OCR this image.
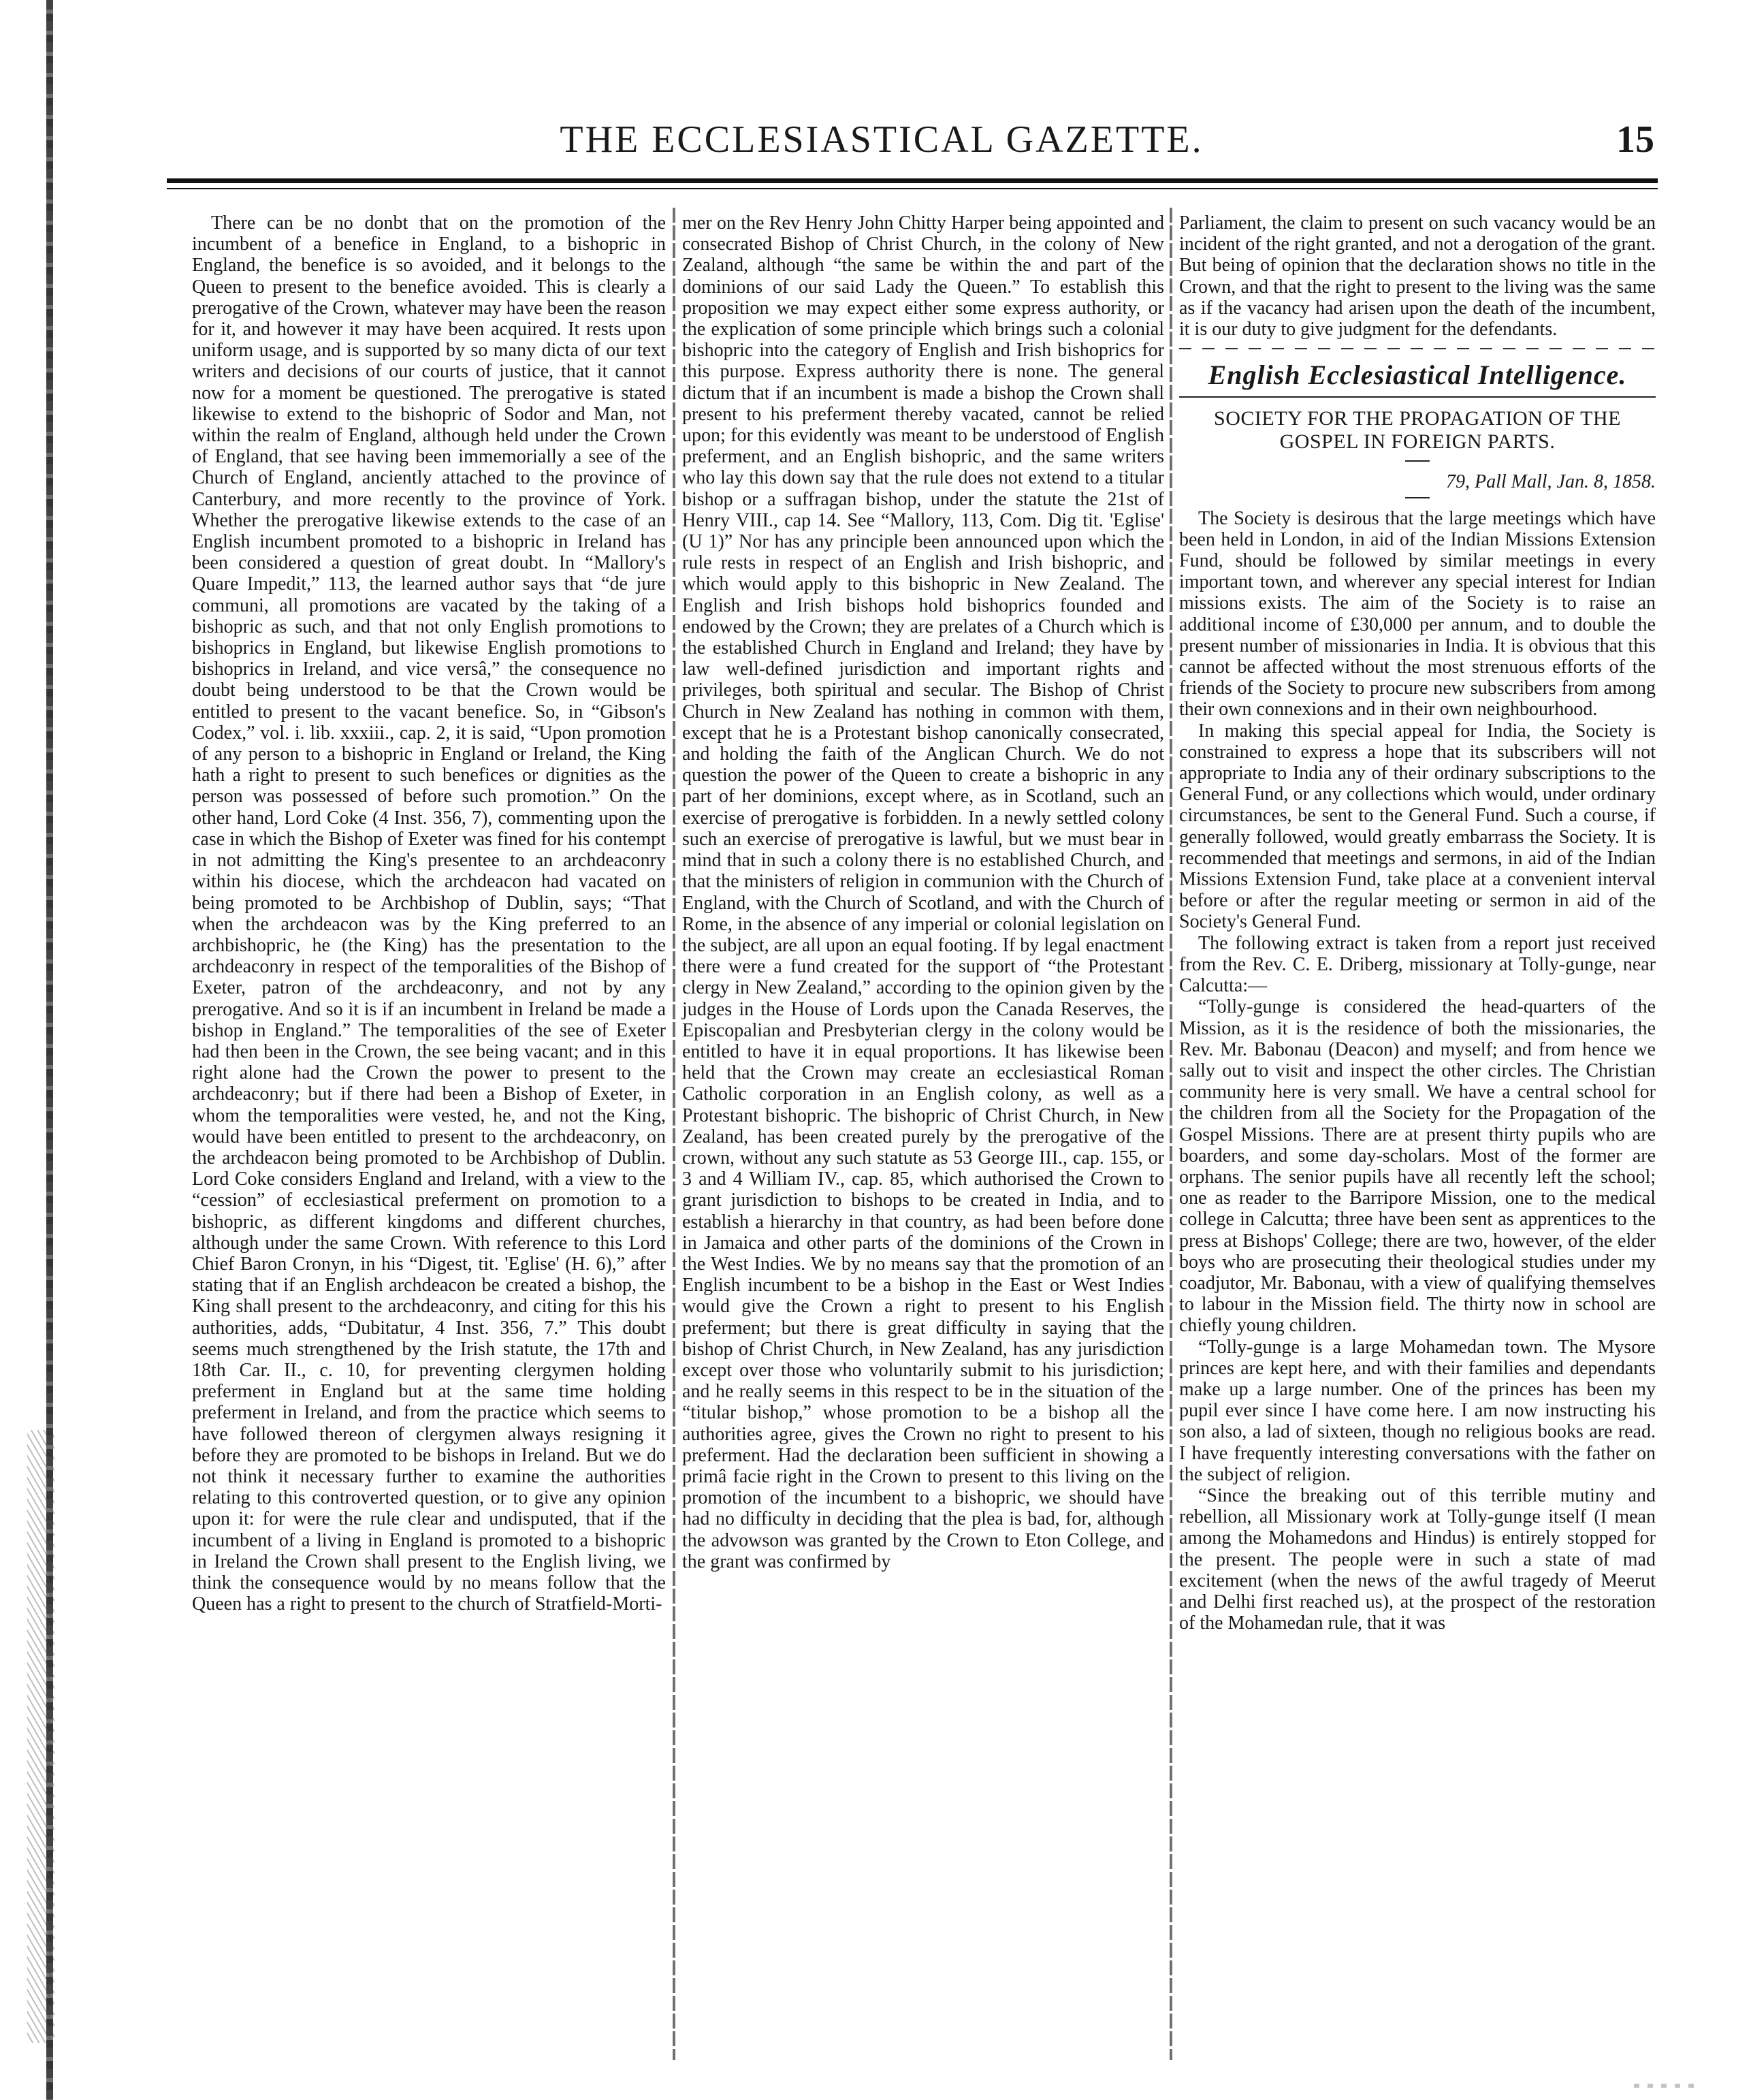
THE ECCLESIASTICAL GAZETTE.	15

There can be no donbt that on the promotion of the incumbent of a benefice in England, to a bishopric in England, the benefice is so avoided, and it belongs to the Queen to present to the benefice avoided. This is clearly a prerogative of the Crown, whatever may have been the reason for it, and however it may have been acquired. It rests upon uniform usage, and is supported by so many dicta of our text writers and decisions of our courts of justice, that it cannot now for a moment be questioned. The prerogative is stated likewise to extend to the bishopric of Sodor and Man, not within the realm of England, although held under the Crown of England, that see having been immemorially a see of the Church of England, anciently attached to the province of Canterbury, and more recently to the province of York. Whether the prerogative likewise extends to the case of an English incumbent promoted to a bishopric in Ireland has been considered a question of great doubt. In “Mallory's Quare Impedit,” 113, the learned author says that “de jure communi, all promotions are vacated by the taking of a bishopric as such, and that not only English promotions to bishoprics in England, but likewise English promotions to bishoprics in Ireland, and vice versâ,” the consequence no doubt being understood to be that the Crown would be entitled to present to the vacant benefice. So, in “Gibson's Codex,” vol. i. lib. xxxiii., cap. 2, it is said, “Upon promotion of any person to a bishopric in England or Ireland, the King hath a right to present to such benefices or dignities as the person was possessed of before such promotion.” On the other hand, Lord Coke (4 Inst. 356, 7), commenting upon the case in which the Bishop of Exeter was fined for his contempt in not admitting the King's presentee to an archdeaconry within his diocese, which the archdeacon had vacated on being promoted to be Archbishop of Dublin, says; “That when the archdeacon was by the King preferred to an archbishopric, he (the King) has the presentation to the archdeaconry in respect of the temporalities of the Bishop of Exeter, patron of the archdeaconry, and not by any prerogative. And so it is if an incumbent in Ireland be made a bishop in England.” The temporalities of the see of Exeter had then been in the Crown, the see being vacant; and in this right alone had the Crown the power to present to the archdeaconry; but if there had been a Bishop of Exeter, in whom the temporalities were vested, he, and not the King, would have been entitled to present to the archdeaconry, on the archdeacon being promoted to be Archbishop of Dublin. Lord Coke considers England and Ireland, with a view to the “cession” of ecclesiastical preferment on promotion to a bishopric, as different kingdoms and different churches, although under the same Crown. With reference to this Lord Chief Baron Cronyn, in his “Digest, tit. 'Eglise' (H. 6),” after stating that if an English archdeacon be created a bishop, the King shall present to the archdeaconry, and citing for this his authorities, adds, “Dubitatur, 4 Inst. 356, 7.” This doubt seems much strengthened by the Irish statute, the 17th and 18th Car. II., c. 10, for preventing clergymen holding preferment in England but at the same time holding preferment in Ireland, and from the practice which seems to have followed thereon of clergymen always resigning it before they are promoted to be bishops in Ireland. But we do not think it necessary further to examine the authorities relating to this controverted question, or to give any opinion upon it: for were the rule clear and undisputed, that if the incumbent of a living in England is promoted to a bishopric in Ireland the Crown shall present to the English living, we think the consequence would by no means follow that the Queen has a right to present to the church of Stratfield-Morti-

mer on the Rev Henry John Chitty Harper being appointed and consecrated Bishop of Christ Church, in the colony of New Zealand, although “the same be within the and part of the dominions of our said Lady the Queen.” To establish this proposition we may expect either some express authority, or the explication of some principle which brings such a colonial bishopric into the category of English and Irish bishoprics for this purpose. Express authority there is none. The general dictum that if an incumbent is made a bishop the Crown shall present to his preferment thereby vacated, cannot be relied upon; for this evidently was meant to be understood of English preferment, and an English bishopric, and the same writers who lay this down say that the rule does not extend to a titular bishop or a suffragan bishop, under the statute the 21st of Henry VIII., cap 14. See “Mallory, 113, Com. Dig tit. 'Eglise' (U 1)” Nor has any principle been announced upon which the rule rests in respect of an English and Irish bishopric, and which would apply to this bishopric in New Zealand. The English and Irish bishops hold bishoprics founded and endowed by the Crown; they are prelates of a Church which is the established Church in England and Ireland; they have by law well-defined jurisdiction and important rights and privileges, both spiritual and secular. The Bishop of Christ Church in New Zealand has nothing in common with them, except that he is a Protestant bishop canonically consecrated, and holding the faith of the Anglican Church. We do not question the power of the Queen to create a bishopric in any part of her dominions, except where, as in Scotland, such an exercise of prerogative is forbidden. In a newly settled colony such an exercise of prerogative is lawful, but we must bear in mind that in such a colony there is no established Church, and that the ministers of religion in communion with the Church of England, with the Church of Scotland, and with the Church of Rome, in the absence of any imperial or colonial legislation on the subject, are all upon an equal footing. If by legal enactment there were a fund created for the support of “the Protestant clergy in New Zealand,” according to the opinion given by the judges in the House of Lords upon the Canada Reserves, the Episcopalian and Presbyterian clergy in the colony would be entitled to have it in equal proportions. It has likewise been held that the Crown may create an ecclesiastical Roman Catholic corporation in an English colony, as well as a Protestant bishopric. The bishopric of Christ Church, in New Zealand, has been created purely by the prerogative of the crown, without any such statute as 53 George III., cap. 155, or 3 and 4 William IV., cap. 85, which authorised the Crown to grant jurisdiction to bishops to be created in India, and to establish a hierarchy in that country, as had been before done in Jamaica and other parts of the dominions of the Crown in the West Indies. We by no means say that the promotion of an English incumbent to be a bishop in the East or West Indies would give the Crown a right to present to his English preferment; but there is great difficulty in saying that the bishop of Christ Church, in New Zealand, has any jurisdiction except over those who voluntarily submit to his jurisdiction; and he really seems in this respect to be in the situation of the “titular bishop,” whose promotion to be a bishop all the authorities agree, gives the Crown no right to present to his preferment. Had the declaration been sufficient in showing a primâ facie right in the Crown to present to this living on the promotion of the incumbent to a bishopric, we should have had no difficulty in deciding that the plea is bad, for, although the advowson was granted by the Crown to Eton College, and the grant was confirmed by

Parliament, the claim to present on such vacancy would be an incident of the right granted, and not a derogation of the grant. But being of opinion that the declaration shows no title in the Crown, and that the right to present to the living was the same as if the vacancy had arisen upon the death of the incumbent, it is our duty to give judgment for the defendants.

English Ecclesiastical Intelligence.
SOCIETY FOR THE PROPAGATION OF THE GOSPEL IN FOREIGN PARTS.
79, Pall Mall, Jan. 8, 1858.

The Society is desirous that the large meetings which have been held in London, in aid of the Indian Missions Extension Fund, should be followed by similar meetings in every important town, and wherever any special interest for Indian missions exists. The aim of the Society is to raise an additional income of £30,000 per annum, and to double the present number of missionaries in India. It is obvious that this cannot be affected without the most strenuous efforts of the friends of the Society to procure new subscribers from among their own connexions and in their own neighbourhood.

In making this special appeal for India, the Society is constrained to express a hope that its subscribers will not appropriate to India any of their ordinary subscriptions to the General Fund, or any collections which would, under ordinary circumstances, be sent to the General Fund. Such a course, if generally followed, would greatly embarrass the Society. It is recommended that meetings and sermons, in aid of the Indian Missions Extension Fund, take place at a convenient interval before or after the regular meeting or sermon in aid of the Society's General Fund.

The following extract is taken from a report just received from the Rev. C. E. Driberg, missionary at Tolly-gunge, near Calcutta:—

“Tolly-gunge is considered the head-quarters of the Mission, as it is the residence of both the missionaries, the Rev. Mr. Babonau (Deacon) and myself; and from hence we sally out to visit and inspect the other circles. The Christian community here is very small. We have a central school for the children from all the Society for the Propagation of the Gospel Missions. There are at present thirty pupils who are boarders, and some day-scholars. Most of the former are orphans. The senior pupils have all recently left the school; one as reader to the Barripore Mission, one to the medical college in Calcutta; three have been sent as apprentices to the press at Bishops' College; there are two, however, of the elder boys who are prosecuting their theological studies under my coadjutor, Mr. Babonau, with a view of qualifying themselves to labour in the Mission field. The thirty now in school are chiefly young children.

“Tolly-gunge is a large Mohamedan town. The Mysore princes are kept here, and with their families and dependants make up a large number. One of the princes has been my pupil ever since I have come here. I am now instructing his son also, a lad of sixteen, though no religious books are read. I have frequently interesting conversations with the father on the subject of religion.

“Since the breaking out of this terrible mutiny and rebellion, all Missionary work at Tolly-gunge itself (I mean among the Mohamedons and Hindus) is entirely stopped for the present. The people were in such a state of mad excitement (when the news of the awful tragedy of Meerut and Delhi first reached us), at the prospect of the restoration of the Mohamedan rule, that it was
